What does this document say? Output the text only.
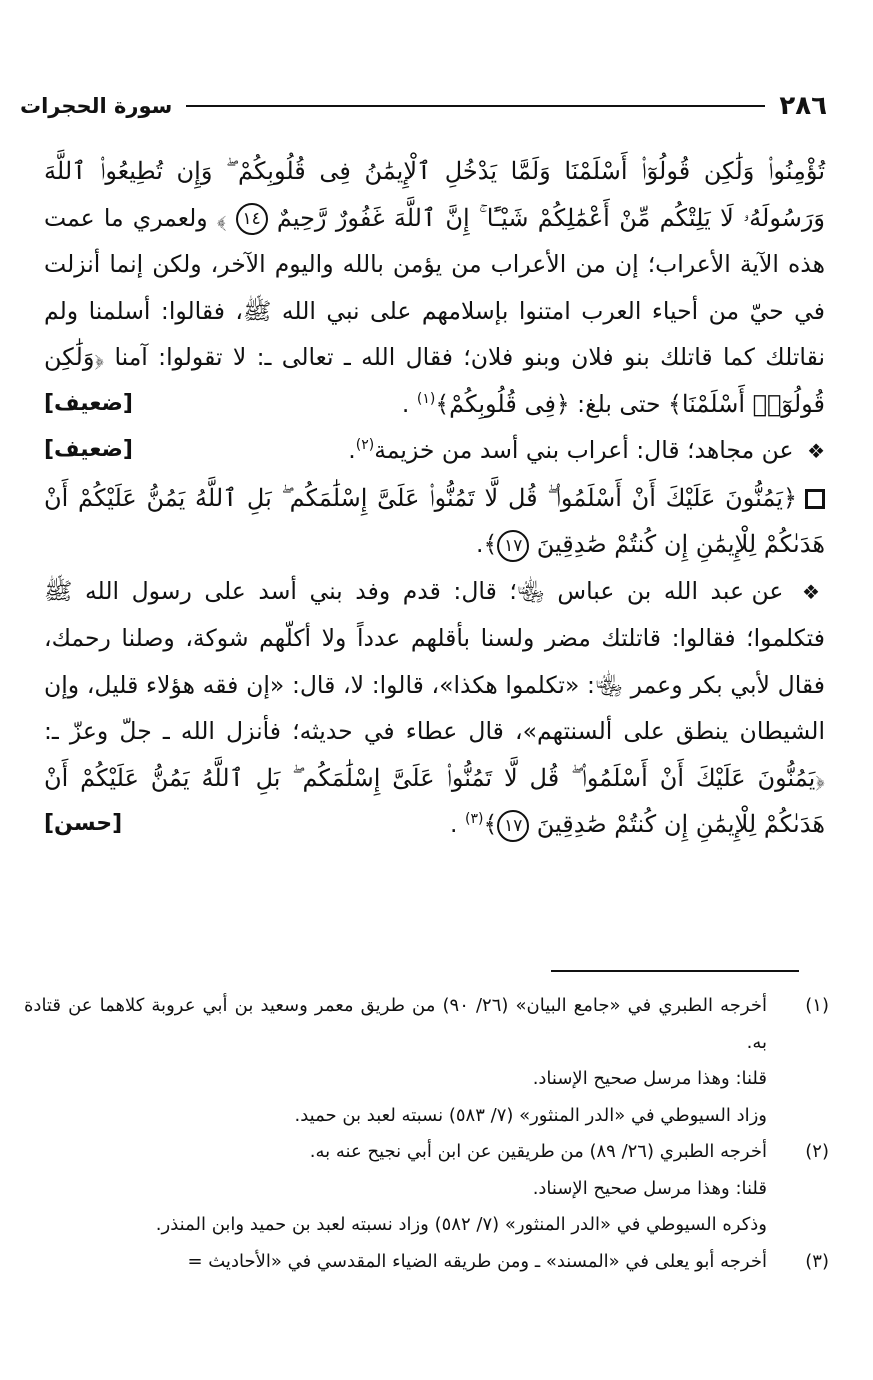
٢٨٦
سورة الحجرات

تُؤْمِنُوا۟ وَلَٰكِن قُولُوٓا۟ أَسْلَمْنَا وَلَمَّا يَدْخُلِ ٱلْإِيمَٰنُ فِى قُلُوبِكُمْ ۖ وَإِن تُطِيعُوا۟ ٱللَّهَ وَرَسُولَهُۥ لَا يَلِتْكُم مِّنْ أَعْمَٰلِكُمْ شَيْـًٔا ۚ إِنَّ ٱللَّهَ غَفُورٌ رَّحِيمٌ ١٤ ﴾ ولعمري ما عمت هذه الآية الأعراب؛ إن من الأعراب من يؤمن بالله واليوم الآخر، ولكن إنما أنزلت في حيّ من أحياء العرب امتنوا بإسلامهم على نبي الله ﷺ، فقالوا: أسلمنا ولم نقاتلك كما قاتلك بنو فلان وبنو فلان؛ فقال الله ـ تعالى ـ: لا تقولوا: آمنا ﴿وَلَٰكِن قُولُوٓا۟ أَسْلَمْنَا﴾ حتى بلغ: ﴿فِى قُلُوبِكُمْ﴾$^{(١)}$ .
[ضعيف]

❖ عن مجاهد؛ قال: أعراب بني أسد من خزيمة$^{(٢)}$.
[ضعيف]

﴿يَمُنُّونَ عَلَيْكَ أَنْ أَسْلَمُوا۟ ۖ قُل لَّا تَمُنُّوا۟ عَلَىَّ إِسْلَٰمَكُم ۖ بَلِ ٱللَّهُ يَمُنُّ عَلَيْكُمْ أَنْ هَدَىٰكُمْ لِلْإِيمَٰنِ إِن كُنتُمْ صَٰدِقِينَ ١٧﴾.

❖ عن عبد الله بن عباس ﵄؛ قال: قدم وفد بني أسد على رسول الله ﷺ فتكلموا؛ فقالوا: قاتلتك مضر ولسنا بأقلهم عدداً ولا أكلّهم شوكة، وصلنا رحمك، فقال لأبي بكر وعمر ﵄: «تكلموا هكذا»، قالوا: لا، قال: «إن فقه هؤلاء قليل، وإن الشيطان ينطق على ألسنتهم»، قال عطاء في حديثه؛ فأنزل الله ـ جلّ وعزّ ـ: ﴿يَمُنُّونَ عَلَيْكَ أَنْ أَسْلَمُوا۟ ۖ قُل لَّا تَمُنُّوا۟ عَلَىَّ إِسْلَٰمَكُم ۖ بَلِ ٱللَّهُ يَمُنُّ عَلَيْكُمْ أَنْ هَدَىٰكُمْ لِلْإِيمَٰنِ إِن كُنتُمْ صَٰدِقِينَ ١٧﴾$^{(٣)}$ .
[حسن]

(١)

أخرجه الطبري في «جامع البيان» (٢٦/ ٩٠) من طريق معمر وسعيد بن أبي عروبة كلاهما عن قتادة به.

قلنا: وهذا مرسل صحيح الإسناد.

وزاد السيوطي في «الدر المنثور» (٧/ ٥٨٣) نسبته لعبد بن حميد.

(٢)

أخرجه الطبري (٢٦/ ٨٩) من طريقين عن ابن أبي نجيح عنه به.

قلنا: وهذا مرسل صحيح الإسناد.

وذكره السيوطي في «الدر المنثور» (٧/ ٥٨٢) وزاد نسبته لعبد بن حميد وابن المنذر.

(٣)

أخرجه أبو يعلى في «المسند» ـ ومن طريقه الضياء المقدسي في «الأحاديث =
